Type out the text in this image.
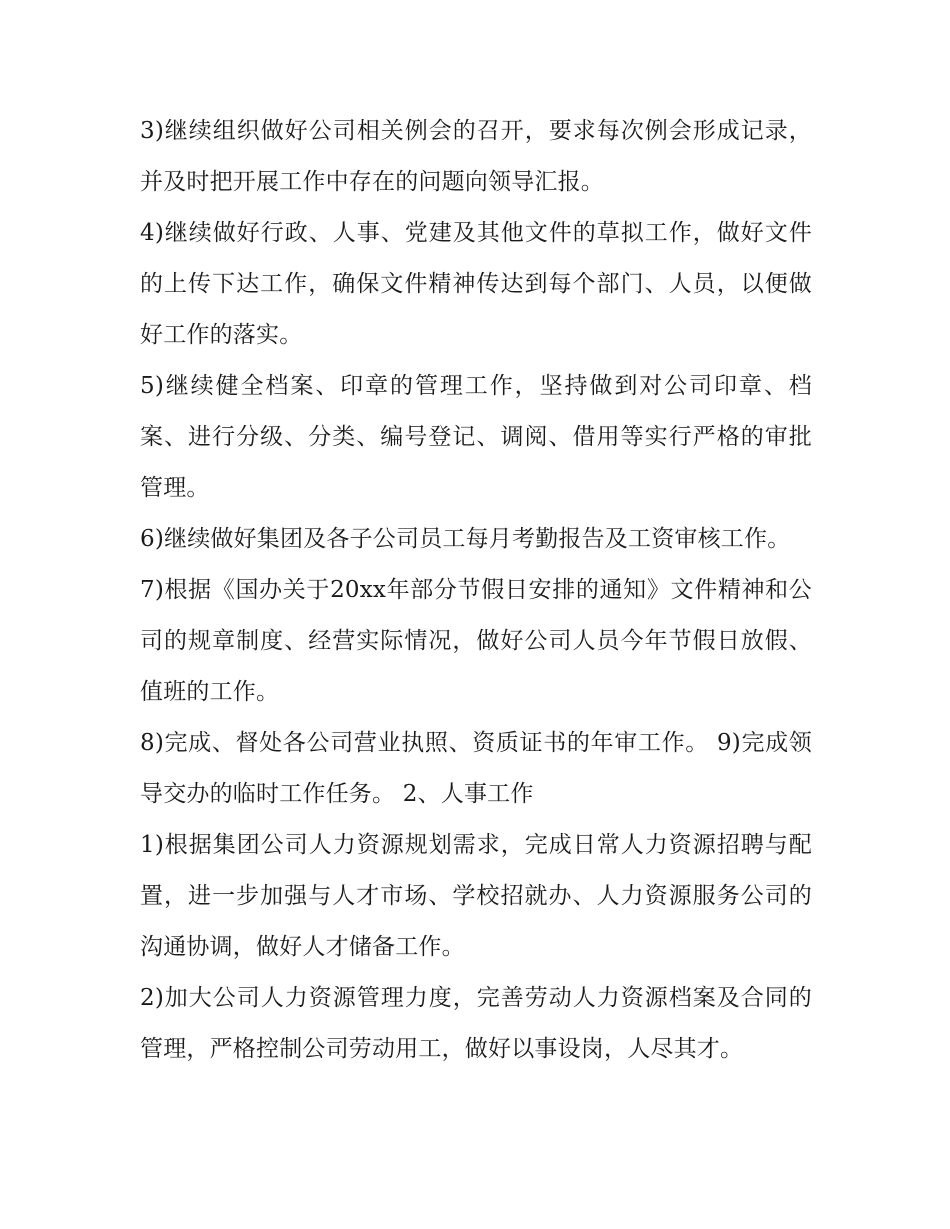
3)继续组织做好公司相关例会的召开，要求每次例会形成记录，并及时把开展工作中存在的问题向领导汇报。

4)继续做好行政、人事、党建及其他文件的草拟工作，做好文件的上传下达工作，确保文件精神传达到每个部门、人员，以便做好工作的落实。

5)继续健全档案、印章的管理工作，坚持做到对公司印章、档案、进行分级、分类、编号登记、调阅、借用等实行严格的审批管理。

6)继续做好集团及各子公司员工每月考勤报告及工资审核工作。

7)根据《国办关于20xx年部分节假日安排的通知》文件精神和公司的规章制度、经营实际情况，做好公司人员今年节假日放假、值班的工作。

8)完成、督处各公司营业执照、资质证书的年审工作。 9)完成领导交办的临时工作任务。 2、人事工作

1)根据集团公司人力资源规划需求，完成日常人力资源招聘与配置，进一步加强与人才市场、学校招就办、人力资源服务公司的沟通协调，做好人才储备工作。

2)加大公司人力资源管理力度，完善劳动人力资源档案及合同的管理，严格控制公司劳动用工，做好以事设岗，人尽其才。
